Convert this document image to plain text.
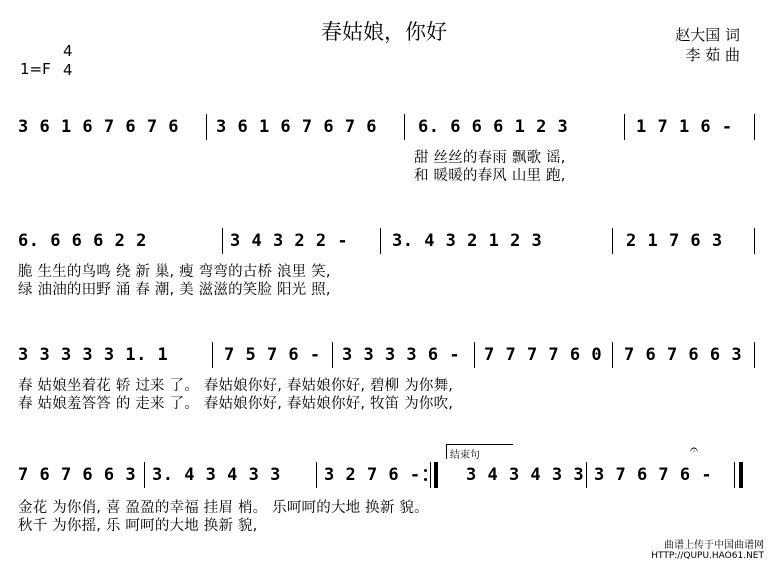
春姑娘，你好
1=F
4
4
赵大国 词
李 茹 曲
3 6 1 6 7 6 7 6 3 6 1 6 7 6 7 6 6. 6 6 6 1 2 3	1 7 1 6 -
甜 丝丝的春雨 飘歌 谣,
和 暖暖的春风 山里 跑,
6. 6 6 6 2 2	3 4 3 2 2 -	3. 4 3 2 1 2 3	2 1 7 6 3
脆 生生的鸟鸣 绕 新 巢, 瘦 弯弯的古桥 浪里 笑,
绿 油油的田野 涌 春 潮, 美 滋滋的笑脸 阳光 照,
3 3 3 3 3 1. 1	7 5 7 6 - 3 3 3 3 6 - 7 7 7 7 6 0 7 6 7 6 6 3
春 姑娘坐着花 轿 过来 了。 春姑娘你好, 春姑娘你好, 碧柳 为你舞,
春 姑娘羞答答 的 走来 了。 春姑娘你好, 春姑娘你好, 牧笛 为你吹,
7 6 7 6 6 3 3. 4 3 4 3 3	3 2 7 6 -
结束句
3 4 3 4 3 3 3 7 6 7 6 -
𝄐
金花 为你俏, 喜 盈盈的幸福 挂眉 梢。 乐呵呵的大地 换新 貌。
秋千 为你摇, 乐 呵呵的大地 换新 貌,
曲谱上传于中国曲谱网
HTTP://QUPU.HAO61.NET
